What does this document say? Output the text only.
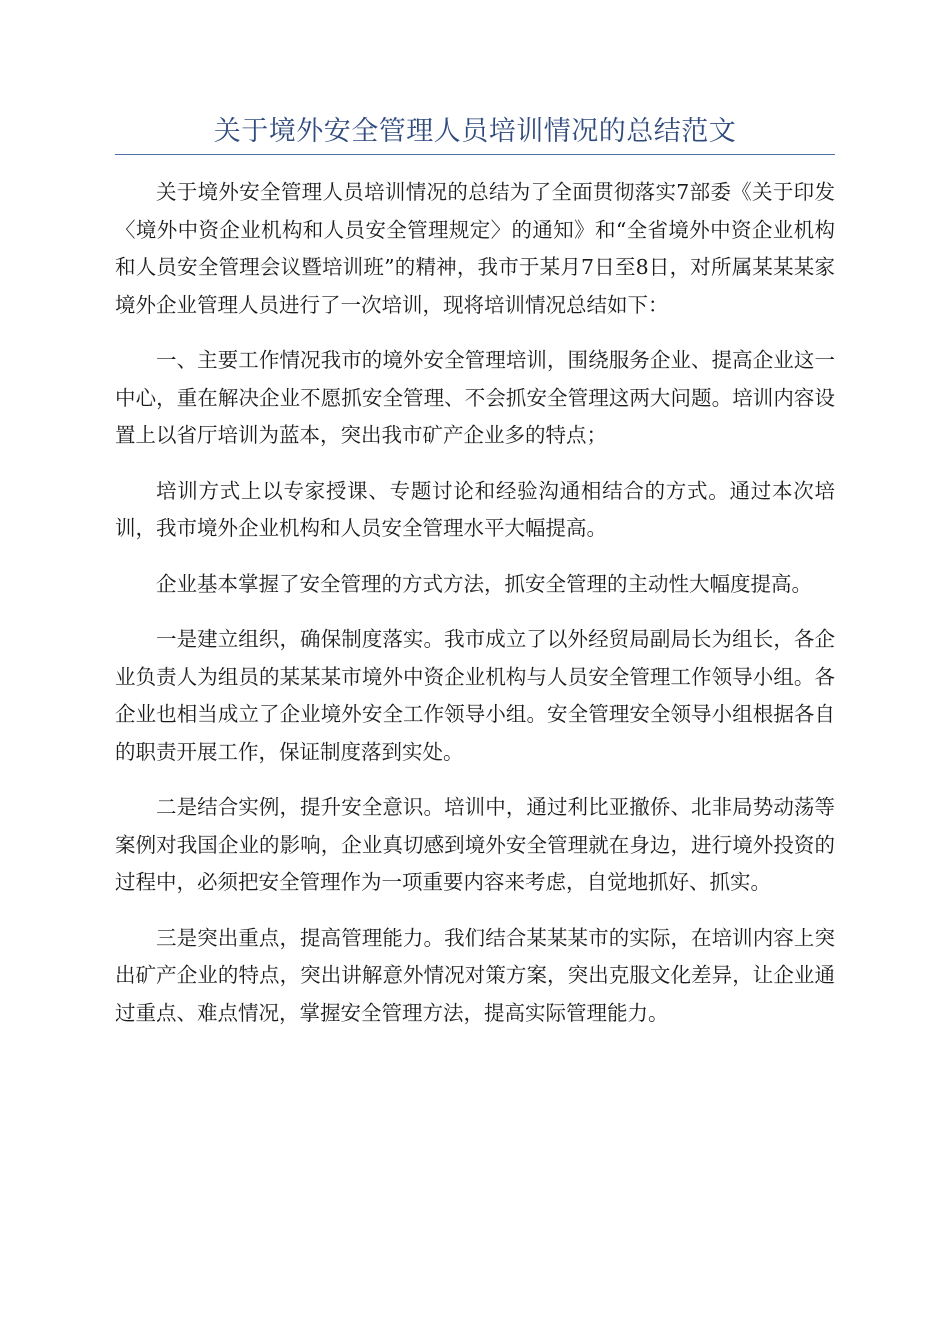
关于境外安全管理人员培训情况的总结范文

关于境外安全管理人员培训情况的总结为了全面贯彻落实7部委《关于印发〈境外中资企业机构和人员安全管理规定〉的通知》和“全省境外中资企业机构和人员安全管理会议暨培训班”的精神，我市于某月7日至8日，对所属某某某家境外企业管理人员进行了一次培训，现将培训情况总结如下：

一、主要工作情况我市的境外安全管理培训，围绕服务企业、提高企业这一中心，重在解决企业不愿抓安全管理、不会抓安全管理这两大问题。培训内容设置上以省厅培训为蓝本，突出我市矿产企业多的特点；

培训方式上以专家授课、专题讨论和经验沟通相结合的方式。通过本次培训，我市境外企业机构和人员安全管理水平大幅提高。

企业基本掌握了安全管理的方式方法，抓安全管理的主动性大幅度提高。

一是建立组织，确保制度落实。我市成立了以外经贸局副局长为组长，各企业负责人为组员的某某某市境外中资企业机构与人员安全管理工作领导小组。各企业也相当成立了企业境外安全工作领导小组。安全管理安全领导小组根据各自的职责开展工作，保证制度落到实处。

二是结合实例，提升安全意识。培训中，通过利比亚撤侨、北非局势动荡等案例对我国企业的影响，企业真切感到境外安全管理就在身边，进行境外投资的过程中，必须把安全管理作为一项重要内容来考虑，自觉地抓好、抓实。

三是突出重点，提高管理能力。我们结合某某某市的实际，在培训内容上突出矿产企业的特点，突出讲解意外情况对策方案，突出克服文化差异，让企业通过重点、难点情况，掌握安全管理方法，提高实际管理能力。
